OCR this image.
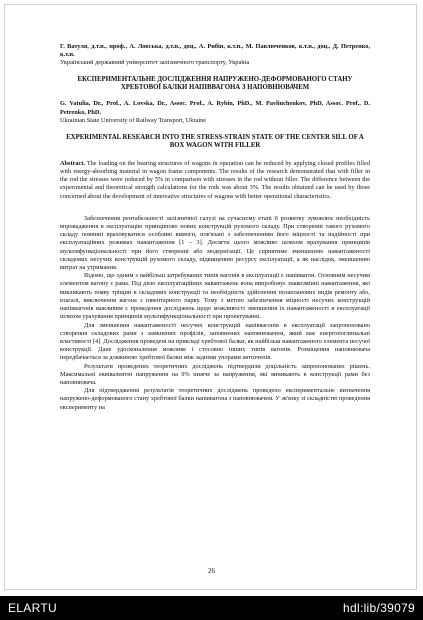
Г. Ватуля, д.т.н., проф., А. Ловська, д.т.н., доц., А. Рибін, к.т.н., М. Павлюченков, к.т.н., доц., Д. Петренко, к.т.н.
Український державний університет залізничного транспорту, Україна
ЕКСПЕРИМЕНТАЛЬНЕ ДОСЛІДЖЕННЯ НАПРУЖЕНО-ДЕФОРМОВАНОГО СТАНУ ХРЕБТОВОЇ БАЛКИ НАПІВВАГОНА З НАПОВНЮВАЧЕМ
G. Vatulia, Dr., Prof., A. Lovska, Dr., Assoc. Prof., A. Rybin, PhD., M. Pavliuchenkov, PhD, Assoc. Prof., D. Petrenko, PhD.
Ukrainian State University of Railway Transport, Ukraine
EXPERIMENTAL RESEARCH INTO THE STRESS-STRAIN STATE OF THE CENTER SILL OF A BOX WAGON WITH FILLER
Abstract. The loading on the bearing structures of wagons in operation can be reduced by applying closed profiles filled with energy-absorbing material in wagon frame components. The results of the research demonstrated that with filler in the rod the stresses were reduced by 5% in comparison with stresses in the rod without filler. The difference between the experimental and theoretical strength calculations for the rods was about 3%. The results obtained can be used by those concerned about the development of innovative structures of wagons with better operational characteristics.

Забезпечення рентабельності залізничної галузі на сучасному етапі її розвитку зумовлює необхідність впровадження в експлуатацію принципово нових конструкцій рухомого складу. При створенні такого рухомого складу повинні враховуватися особливі вимоги, пов'язані з забезпеченням його міцності та надійності при експлуатаційних режимах навантаження [1 – 3]. Досягти цього можливо шляхом врахування принципів мультифункціональності при його створенні або модернізації. Це сприятиме зменшенню навантаженості складових несучих конструкцій рухомого складу, підвищенню ресурсу експлуатації, а як наслідок, зменшенню витрат на утримання.

Відомо, що одним з найбільш затребуваних типів вагонів в експлуатації є напіввагон. Основним несучим елементом вагону є рама. Під дією експлуатаційних навантажень вона випробовує знакозмінні навантаження, які викликають появу тріщин в складових конструкції та необхідність здійснення позапланових видів ремонту або, взагалі, виключення вагона з інвентарного парку. Тому з метою забезпечення міцності несучих конструкцій напіввагонів важливим є проведення досліджень щодо можливості зменшення їх навантаженості в експлуатації шляхом урахування принципів мультифункціональності при проектуванні.

Для зменшення навантаженості несучих конструкцій напіввагонів в експлуатації запропоновано створення складових рами з замкнених профілів, заповнених наповнювачем, який має енергопоглинальні властивості [4]. Дослідження проведені на прикладі хребтової балки, як найбільш навантаженого елемента несучої конструкції. Дане удосконалення можливе і стосовно інших типів вагонів. Розміщення наповнювача передбачається за довжиною хребтової балки між задніми упорами автозчепів.

Результати проведених теоретичних досліджень підтвердили доцільність запропонованих рішень. Максимальні еквівалентні напруження на 9% нижче за напруження, які виникають в конструкції рами без наповнювача.

Для підтвердження результатів теоретичних досліджень проведено експериментальне визначення напружено-деформованого стану хребтової балки напіввагона з наповнювачем. У зв'язку зі складністю проведення експерименту на

26
ELARTU	hdl:lib/39079
